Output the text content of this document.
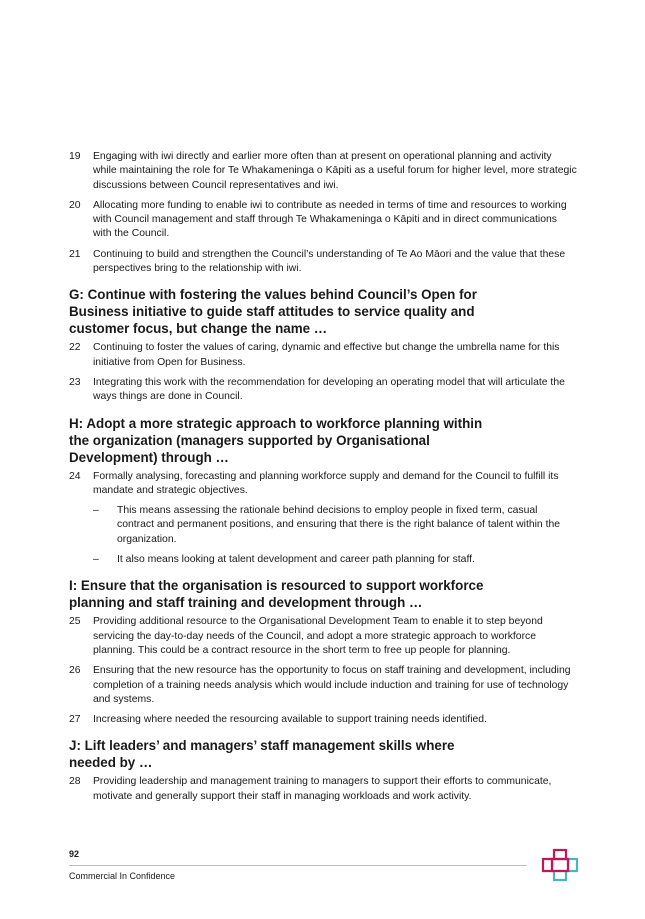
19	Engaging with iwi directly and earlier more often than at present on operational planning and activity while maintaining the role for Te Whakameninga o Kāpiti as a useful forum for higher level, more strategic discussions between Council representatives and iwi.
20	Allocating more funding to enable iwi to contribute as needed in terms of time and resources to working with Council management and staff through Te Whakameninga o Kāpiti and in direct communications with the Council.
21	Continuing to build and strengthen the Council’s understanding of Te Ao Māori and the value that these perspectives bring to the relationship with iwi.
G: Continue with fostering the values behind Council’s Open for Business initiative to guide staff attitudes to service quality and customer focus, but change the name …
22	Continuing to foster the values of caring, dynamic and effective but change the umbrella name for this initiative from Open for Business.
23	Integrating this work with the recommendation for developing an operating model that will articulate the ways things are done in Council.
H: Adopt a more strategic approach to workforce planning within the organization (managers supported by Organisational Development) through …
24	Formally analysing, forecasting and planning workforce supply and demand for the Council to fulfill its mandate and strategic objectives.
–	This means assessing the rationale behind decisions to employ people in fixed term, casual contract and permanent positions, and ensuring that there is the right balance of talent within the organization.
–	It also means looking at talent development and career path planning for staff.
I: Ensure that the organisation is resourced to support workforce planning and staff training and development through …
25	Providing additional resource to the Organisational Development Team to enable it to step beyond servicing the day-to-day needs of the Council, and adopt a more strategic approach to workforce planning. This could be a contract resource in the short term to free up people for planning.
26	Ensuring that the new resource has the opportunity to focus on staff training and development, including completion of a training needs analysis which would include induction and training for use of technology and systems.
27	Increasing where needed the resourcing available to support training needs identified.
J: Lift leaders’ and managers’ staff management skills where needed by …
28	Providing leadership and management training to managers to support their efforts to communicate, motivate and generally support their staff in managing workloads and work activity.
92
Commercial In Confidence
